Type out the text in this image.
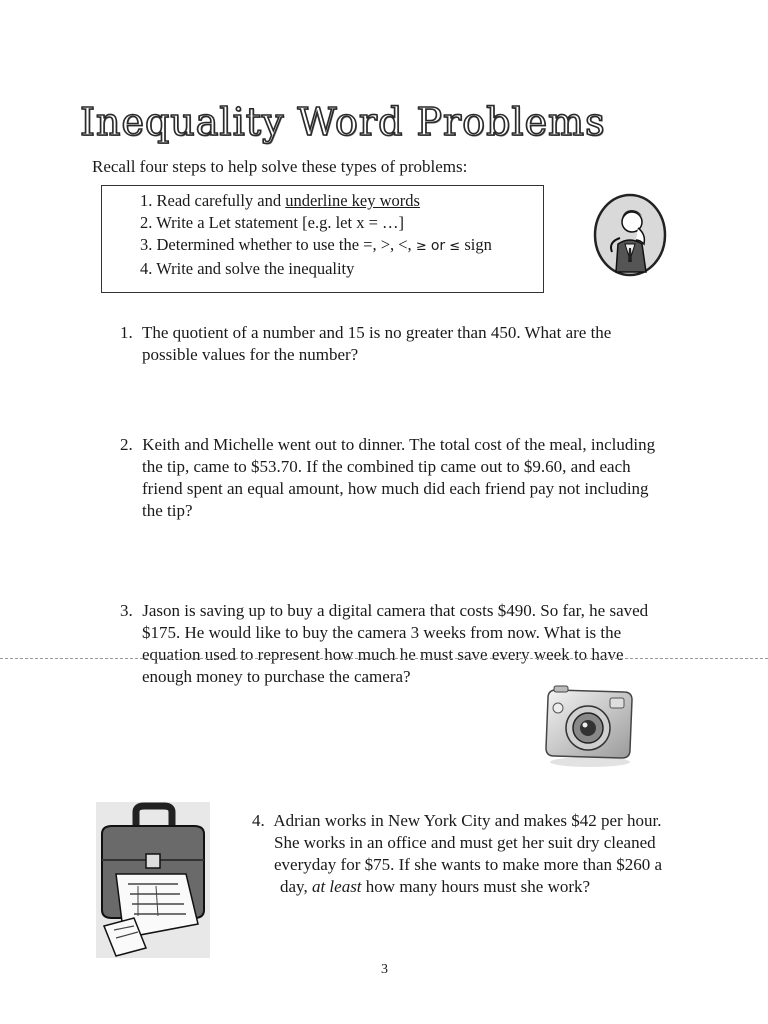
Inequality Word Problems
Recall four steps to help solve these types of problems:
1. Read carefully and underline key words
2. Write a Let statement [e.g. let x = …]
3. Determined whether to use the =, >, <, ≥ or ≤ sign
4. Write and solve the inequality
1. The quotient of a number and 15 is no greater than 450. What are the
possible values for the number?
2. Keith and Michelle went out to dinner. The total cost of the meal, including
the tip, came to $53.70. If the combined tip came out to $9.60, and each
friend spent an equal amount, how much did each friend pay not including
the tip?
3. Jason is saving up to buy a digital camera that costs $490. So far, he saved
$175. He would like to buy the camera 3 weeks from now. What is the
equation used to represent how much he must save every week to have
enough money to purchase the camera?
4. Adrian works in New York City and makes $42 per hour.
She works in an office and must get her suit dry cleaned
everyday for $75. If she wants to make more than $260 a
day, at least how many hours must she work?
3
